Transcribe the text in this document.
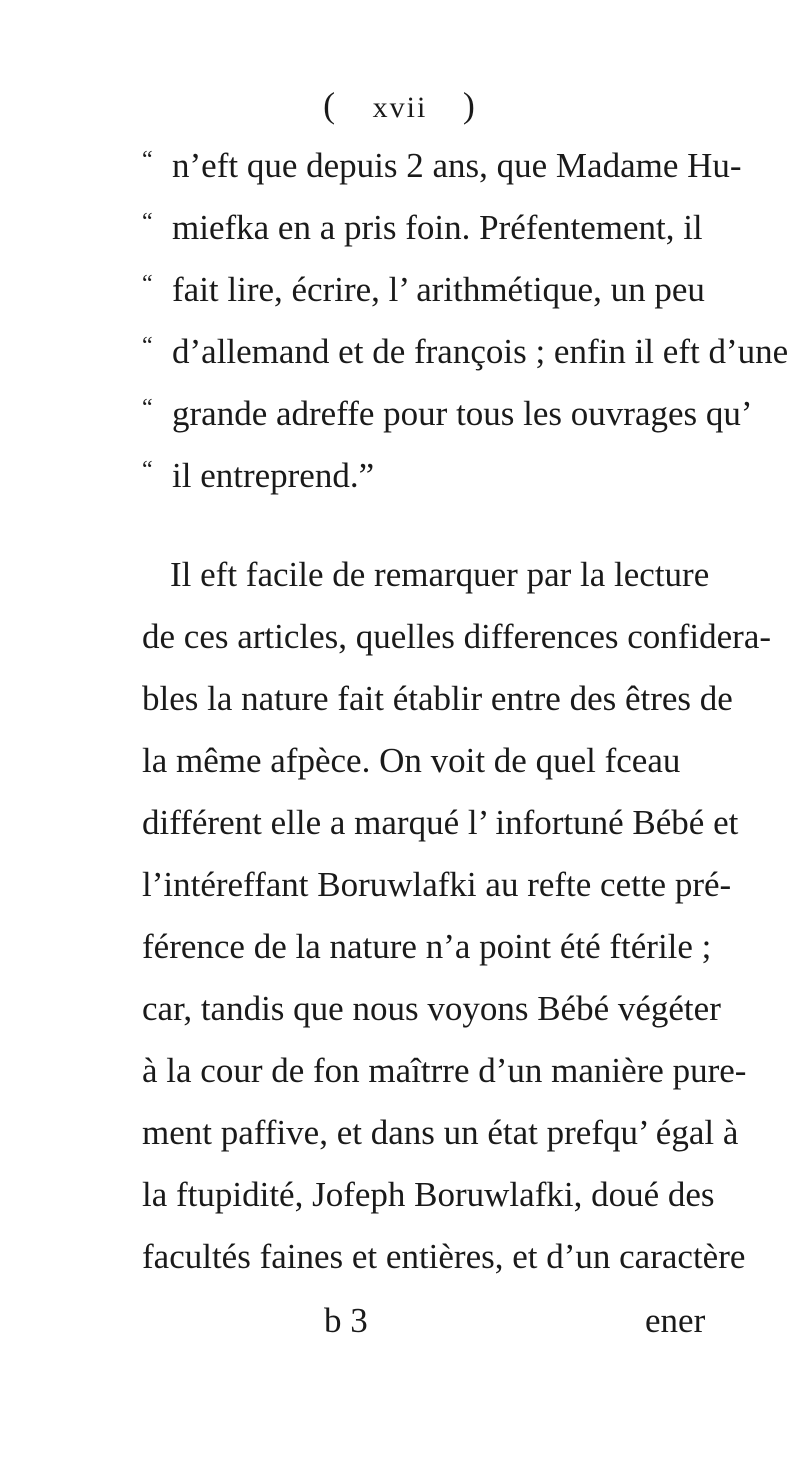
( xvii )
“ n’eft que depuis 2 ans, que Madame Hu-
“ miefka en a pris foin. Préfentement, il
“ fait lire, écrire, l’ arithmétique, un peu
“ d’allemand et de françois ; enfin il eft d’une
“ grande adreffe pour tous les ouvrages qu’
“ il entreprend.”
Il eft facile de remarquer par la lecture
de ces articles, quelles differences confidera-
bles la nature fait établir entre des êtres de
la même afpèce. On voit de quel fceau
différent elle a marqué l’ infortuné Bébé et
l’intéreffant Boruwlafki au refte cette pré-
férence de la nature n’a point été ftérile ;
car, tandis que nous voyons Bébé végéter
à la cour de fon maîtrre d’un manière pure-
ment paffive, et dans un état prefqu’ égal à
la ftupidité, Jofeph Boruwlafki, doué des
facultés faines et entières, et d’un caractère
b 3	ener
